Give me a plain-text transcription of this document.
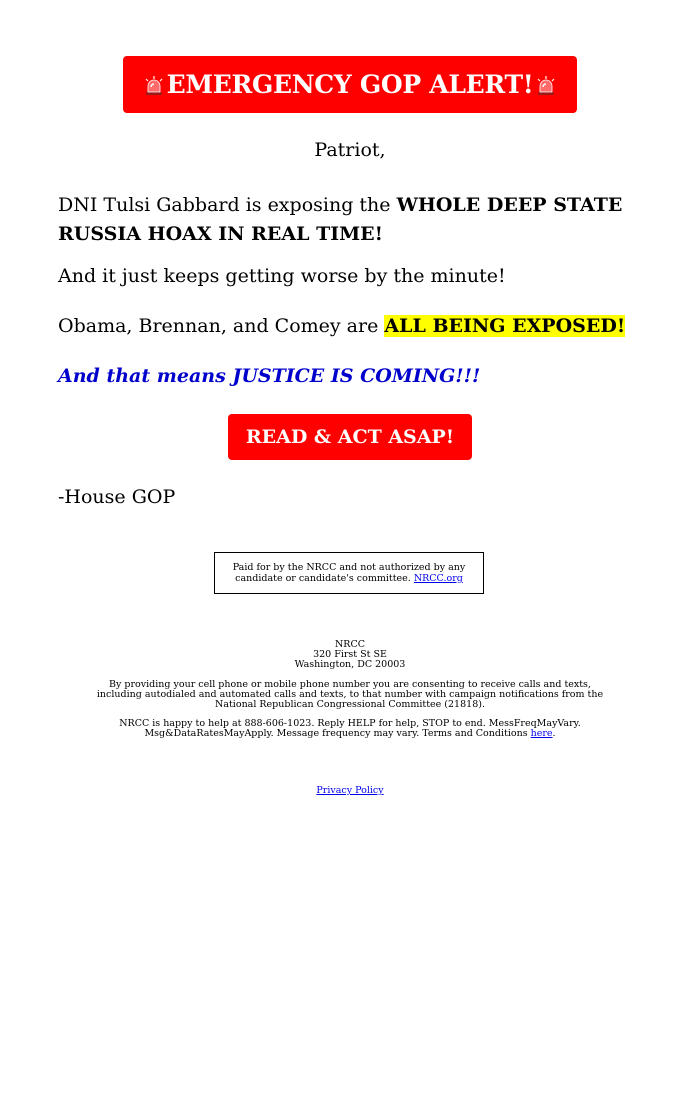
EMERGENCY GOP ALERT!
Patriot,
DNI Tulsi Gabbard is exposing the WHOLE DEEP STATE RUSSIA HOAX IN REAL TIME!
And it just keeps getting worse by the minute!
Obama, Brennan, and Comey are ALL BEING EXPOSED!
And that means JUSTICE IS COMING!!!
READ & ACT ASAP!
-House GOP
Paid for by the NRCC and not authorized by any candidate or candidate's committee. NRCC.org
NRCC
320 First St SE
Washington, DC 20003
By providing your cell phone or mobile phone number you are consenting to receive calls and texts, including autodialed and automated calls and texts, to that number with campaign notifications from the National Republican Congressional Committee (21818).
NRCC is happy to help at 888-606-1023. Reply HELP for help, STOP to end. MessFreqMayVary. Msg&DataRatesMayApply. Message frequency may vary. Terms and Conditions here.
Privacy Policy
